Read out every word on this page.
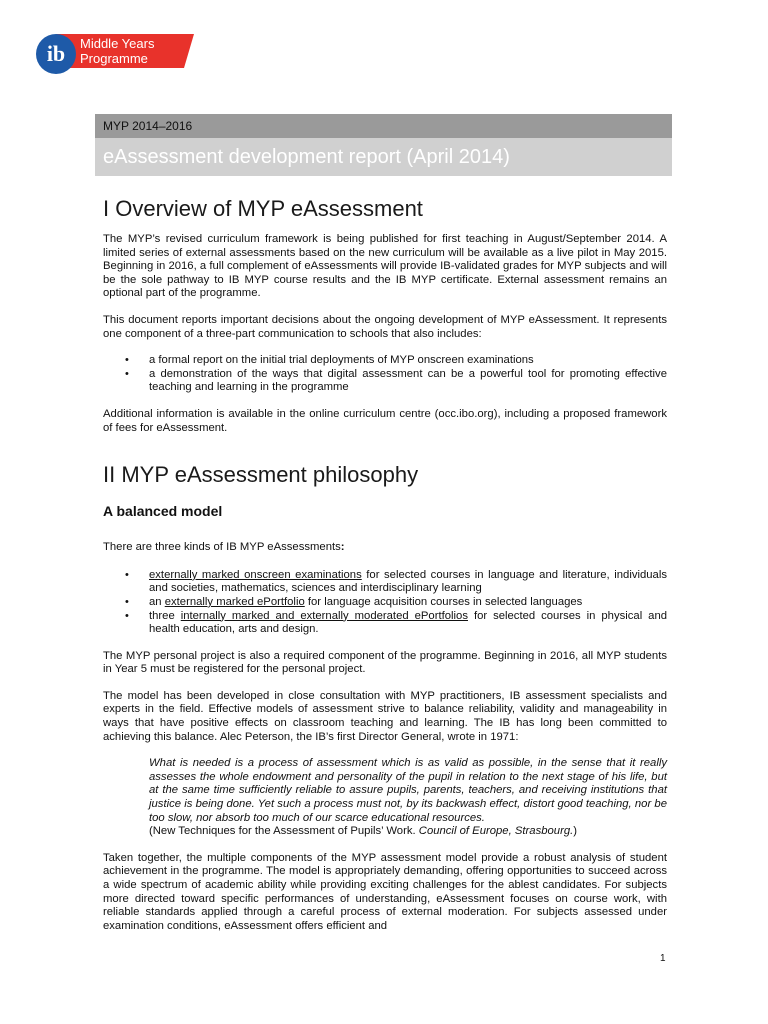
ib Middle Years
Programme
MYP 2014–2016
eAssessment development report (April 2014)
I Overview of MYP eAssessment

The MYP’s revised curriculum framework is being published for first teaching in August/September 2014. A limited series of external assessments based on the new curriculum will be available as a live pilot in May 2015. Beginning in 2016, a full complement of eAssessments will provide IB-validated grades for MYP subjects and will be the sole pathway to IB MYP course results and the IB MYP certificate. External assessment remains an optional part of the programme.

This document reports important decisions about the ongoing development of MYP eAssessment. It represents one component of a three-part communication to schools that also includes:

• a formal report on the initial trial deployments of MYP onscreen examinations
• a demonstration of the ways that digital assessment can be a powerful tool for promoting effective teaching and learning in the programme

Additional information is available in the online curriculum centre (occ.ibo.org), including a proposed framework of fees for eAssessment.

II MYP eAssessment philosophy
A balanced model

There are three kinds of IB MYP eAssessments:

• externally marked onscreen examinations for selected courses in language and literature, individuals and societies, mathematics, sciences and interdisciplinary learning
• an externally marked ePortfolio for language acquisition courses in selected languages
• three internally marked and externally moderated ePortfolios for selected courses in physical and health education, arts and design.

The MYP personal project is also a required component of the programme. Beginning in 2016, all MYP students in Year 5 must be registered for the personal project.

The model has been developed in close consultation with MYP practitioners, IB assessment specialists and experts in the field. Effective models of assessment strive to balance reliability, validity and manageability in ways that have positive effects on classroom teaching and learning. The IB has long been committed to achieving this balance. Alec Peterson, the IB’s first Director General, wrote in 1971:

What is needed is a process of assessment which is as valid as possible, in the sense that it really assesses the whole endowment and personality of the pupil in relation to the next stage of his life, but at the same time sufficiently reliable to assure pupils, parents, teachers, and receiving institutions that justice is being done. Yet such a process must not, by its backwash effect, distort good teaching, nor be too slow, nor absorb too much of our scarce educational resources.

(New Techniques for the Assessment of Pupils’ Work. Council of Europe, Strasbourg.)

Taken together, the multiple components of the MYP assessment model provide a robust analysis of student achievement in the programme. The model is appropriately demanding, offering opportunities to succeed across a wide spectrum of academic ability while providing exciting challenges for the ablest candidates. For subjects more directed toward specific performances of understanding, eAssessment focuses on course work, with reliable standards applied through a careful process of external moderation. For subjects assessed under examination conditions, eAssessment offers efficient and

1
